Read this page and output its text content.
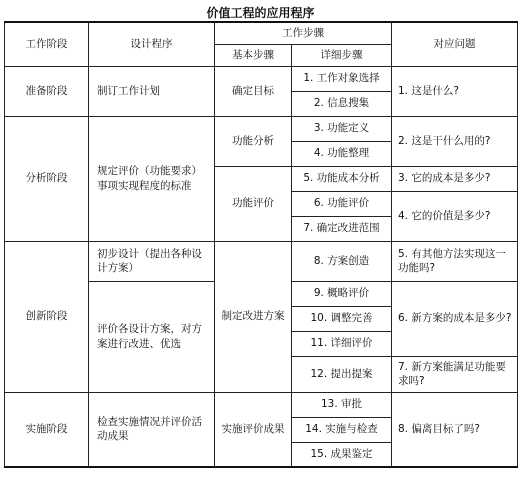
价值工程的应用程序
工作阶段	设计程序	工作步骤		对应问题
		基本步骤	详细步骤	
准备阶段	制订工作计划	确定目标	1. 工作对象选择	1. 这是什么?
			2. 信息搜集	
分析阶段	规定评价（功能要求）事项实现程度的标准	功能分析	3. 功能定义	2. 这是干什么用的?
			4. 功能整理	
		功能评价	5. 功能成本分析	3. 它的成本是多少?
			6. 功能评价	4. 它的价值是多少?
			7. 确定改进范围	
创新阶段	初步设计（提出各种设计方案）	制定改进方案	8. 方案创造	5. 有其他方法实现这一功能吗?
	评价各设计方案，对方案进行改进、优选		9. 概略评价	6. 新方案的成本是多少?
			10. 调整完善	
			11. 详细评价	
			12. 提出提案	7. 新方案能满足功能要求吗?
实施阶段	检查实施情况并评价活动成果	实施评价成果	13. 审批	8. 偏离目标了吗?
			14. 实施与检查	
			15. 成果鉴定	
